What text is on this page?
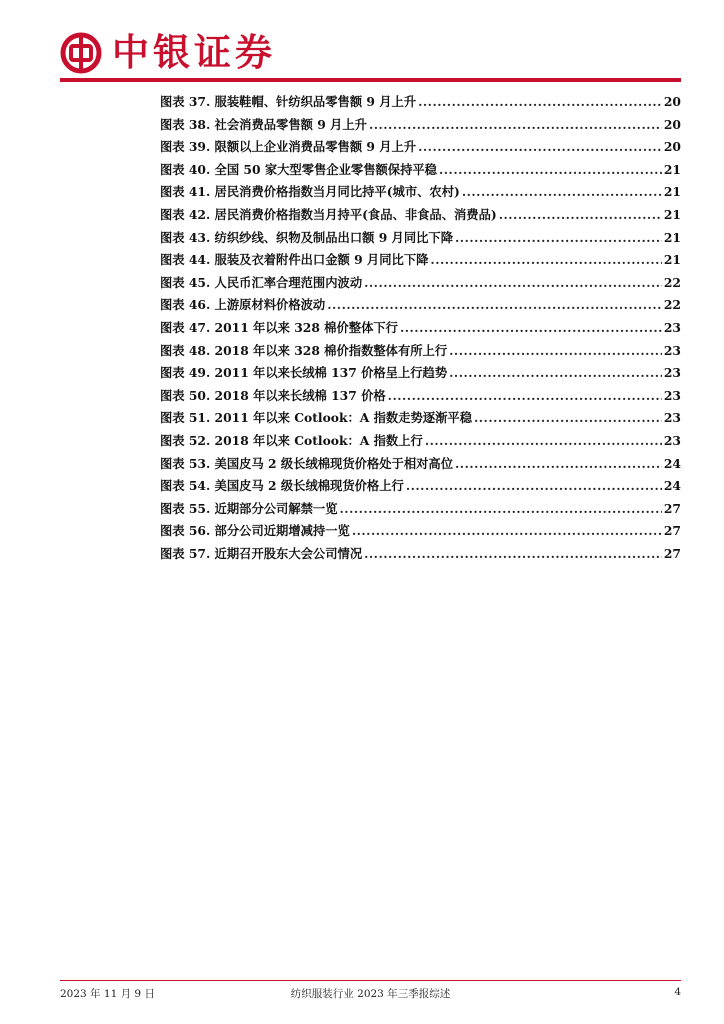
中银证券
图表 37. 服装鞋帽、针纺织品零售额 9 月上升 .....	20
图表 38. 社会消费品零售额 9 月上升 .....	20
图表 39. 限额以上企业消费品零售额 9 月上升 .....	20
图表 40. 全国 50 家大型零售企业零售额保持平稳 .....	21
图表 41. 居民消费价格指数当月同比持平(城市、农村) .....	21
图表 42. 居民消费价格指数当月持平(食品、非食品、消费品) .....	21
图表 43. 纺织纱线、织物及制品出口额 9 月同比下降 .....	21
图表 44. 服装及衣着附件出口金额 9 月同比下降 .....	21
图表 45. 人民币汇率合理范围内波动 .....	22
图表 46. 上游原材料价格波动 .....	22
图表 47. 2011 年以来 328 棉价整体下行 .....	23
图表 48. 2018 年以来 328 棉价指数整体有所上行 .....	23
图表 49. 2011 年以来长绒棉 137 价格呈上行趋势 .....	23
图表 50. 2018 年以来长绒棉 137 价格 .....	23
图表 51. 2011 年以来 Cotlook：A 指数走势逐渐平稳 .....	23
图表 52. 2018 年以来 Cotlook：A 指数上行 .....	23
图表 53. 美国皮马 2 级长绒棉现货价格处于相对高位 .....	24
图表 54. 美国皮马 2 级长绒棉现货价格上行 .....	24
图表 55. 近期部分公司解禁一览 .....	27
图表 56. 部分公司近期增减持一览 .....	27
图表 57. 近期召开股东大会公司情况 .....	27
2023 年 11 月 9 日	纺织服装行业 2023 年三季报综述	4
